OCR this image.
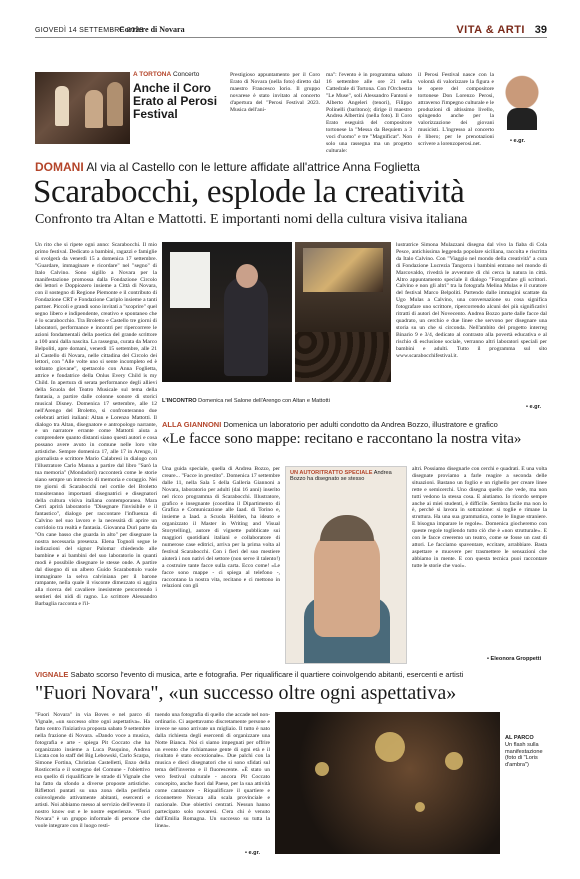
GIOVEDÌ 14 SETTEMBRE 2023
Corriere di Novara	VITA & ARTI 39
A TORTONA Concerto
Anche il Coro Erato al Perosi Festival
Prestigioso appuntamento per il Coro Erato di Novara (nella foto) diretto dal maestro Francesco Iorio. Il gruppo novarese è stato invitato al concerto d'apertura del "Perosi Festival 2023. Musica dell'ani-
ma": l'evento è in programma sabato 16 settembre alle ore 21 nella Cattedrale di Tortona. Con l'Orchestra "Le Muse", soli Alessandro Fantoni e Alberto Angeleri (tenori), Filippo Polinelli (baritono); dirige il maestro Andrea Albertini (nella foto). Il Coro Erato eseguirà del compositore tortonese la "Messa da Requiem a 3 voci d'uomo" e tre "Magnificat". Non solo una rassegna ma un progetto culturale:
il Perosi Festival nasce con la volontà di valorizzare la figura e le opere del compositore tortonese Don Lorenzo Perosi, attraverso l'impegno culturale e le produzioni di altissimo livello, spingendo anche per la valorizzazione dei giovani musicisti. L'ingresso al concerto è libero; per le prenotazioni scrivere a lorenzoperosi.net.
• e.gr.
DOMANI Al via al Castello con le letture affidate all'attrice Anna Foglietta
Scarabocchi, esplode la creatività
Confronto tra Altan e Mattotti. E importanti nomi della cultura visiva italiana
Un rito che si ripete ogni anno: Scarabocchi. Il mio primo festival. Dedicato a bambini, ragazzi e famiglie si svolgerà da venerdì 15 a domenica 17 settembre. "Guardare, immaginare e ricordare" nel "segno" di Italo Calvino. Sono sigillo a Novara per la manifestazione promossa dalla Fondazione Circolo dei lettori e Doppiozero insieme a Città di Novara, con il sostegno di Regione Piemonte e il contributo di Fondazione CRT e Fondazione Cariplo insieme a tanti partner. Piccoli e grandi sono invitati a "scoprire" quel segno libero e indipendente, creativo e spontaneo che è lo scarabocchio. Tra Broletto e Castello tre giorni di laboratori, performance e incontri per ripercorrere le azioni fondamentali della poetica del grande scrittore a 100 anni dalla nascita. La rassegna, curata da Marco Belpoliti, apre domani, venerdì 15 settembre, alle 21 al Castello di Novara, nelle cittadina del Circolo dei lettori, con "Alle volte uno si sente incompleto ed è soltanto giovane", spettacolo con Anna Foglietta, attrice e fondatrice della Onlus Every Child is my Child. In apertura di serata performance degli allievi della Scuola del Teatro Musicale sul tema della fantasia, a partire dalle colonne sonore di storici musical Disney. Domenica 17 settembre, alle 12 nell'Arengo del Broletto, si confronteranno due celebrati artisti italiani: Altan e Lorenzo Mattotti. Il dialogo tra Altan, disegnatore e antropologo narrante, e un narratore errante come Mattotti aiuta a comprendere quanto distanti siano questi autori e cosa possano avere avuto in comune nelle loro vite artistiche. Sempre domenica 17, alle 17 in Arengo, il giornalista e scrittore Mario Calabresi in dialogo con l'illustratore Carlo Manna a partire dal libro "Sarò la tua memoria" (Mondadori) racconterà come le storie siano sempre un intreccio di memoria e coraggio. Nei tre giorni di Scarabocchi nel cortile del Broletto transiteranno importanti disegnatrici e disegnatori della cultura visiva italiana contemporanea. Mara Cerri aprirà laboratorio "Disegnare l'invisibile e il fantastico", dialogo per raccontare l'influenza di Calvino nel suo lavoro e la necessità di aprire un corridoio tra realtà e fantasia. Giovanna Durì parte da "On cane basso che guarda in alto" per disegnare la nostra necessaria presenza. Elena Tognoli segue le indicazioni del signor Palomar chiedendo alle bambine e ai bambini del suo laboratorio in quanti modi è possibile disegnare le stesse onde. A partire dal disegno di un albero Guido Scarabottolo vuole immaginare la selva calviniana per il barone rampante, nella quale il visconte dimezzato si aggira alla ricerca del cavaliere inesistente percorrendo i sentieri dei nidi di ragno. Lo scrittore Alessandro Barbaglia racconta e l'il-
L'INCONTRO Domenica nel Salone dell'Arengo con Altan e Mattotti
lustratrice Simona Mulazzani disegna dal vivo la fiaba di Cola Pesce, antichissima leggenda popolare siciliana, raccolta e riscritta da Italo Calvino. Con "Viaggio nel mondo della creatività" a cura di Fondazione Lucrezia Tangorra i bambini entrano nel mondo di Marcovaldo, rivedrà le avventure di chi cerca la natura in città. Altro appuntamento speciale il dialogo "Fotografare gli scrittori. Calvino e non gli altri" tra la fotografa Melina Mulas e il curatore del festival Marco Belpoliti. Partendo dalle immagini scattate da Ugo Mulas a Calvino, una conversazione su cosa significa fotografare uno scrittore, ripercorrendo alcuni dei più significativi ritratti di autori del Novecento. Andrea Bozzo parte dalle facce dal quadrato, un cerchio e due linee che servono per disegnare una storia su un che si circonda. Nell'ambito del progetto interreg Binario 9 e 3/4, dedicato al contrasto alla povertà educativa e al rischio di esclusione sociale, verranno altri laboratori speciali per bambini e adulti. Tutto il programma sul sito www.scarabocchifestival.it.
• e.gr.
ALLA GIANNONI Domenica un laboratorio per adulti condotto da Andrea Bozzo, illustratore e grafico
«Le facce sono mappe: recitano e raccontano la nostra vita»
Una guida speciale, quella di Andrea Bozzo, per creare... "Facce in prestito". Domenica 17 settembre dalle 11, nella Sala 5 della Galleria Giannoni a Novara, laboratorio per adulti (dai 16 anni) inserito nel ricco programma di Scarabocchi. Illustratore, grafico e insegnante (coordina il Dipartimento di Grafica e Comunicazione alle Iaad. di Torino e, insieme a Iaad. a Scuola Holden, ha ideato e organizzato il Master in Writing and Visual Storytelling), autore di vignette pubblicate sui maggiori quotidiani italiani e collaboratore di numerose case editrici, arriva per la prima volta al festival Scarabocchi. Con i fieri del suo mestiere aiuterà i non nativi del settore (non serve il talento!) a costruire tante facce sulla carta. Ecco come! «Le facce sono mappe - ci spiega al telefono -, raccontano la nostra vita, recitano e ci mettono in relazioni con gli
UN AUTORITRATTO SPECIALE Andrea Bozzo ha disegnato se stesso
altri. Possiamo disegnarle con cerchi e quadrati. E una volta disegnate proviamo a farle reagire a seconda delle situazioni. Bastano un foglio e un righello per creare linee rette e semicerchi. Uno disegna quello che vede, ma non tutti vedono la stessa cosa. E aiutiamo. Io ricordo sempre anche ai miei studenti, è difficile. Sembra facile ma non lo è, perché si lavora in sottrazione: si toglie e rimane la struttura. Ha una sua grammatica, come le lingue straniere. E bisogna imparare le regole». Domenica giocheremo con queste regole togliendo tutto ciò che è «non strutturale». E con le facce creeremo un teatro, come se fosse un cast di attori. Le facciamo spaventare, eccitare, arrabbiare. Basta aspettare e muovere per trasmettere le sensazioni che abbiamo in mente. E con questa tecnica puoi raccontare tutte le storie che vuoi».
• Eleonora Groppetti
VIGNALE Sabato scorso l'evento di musica, arte e fotografia. Per riqualificare il quartiere coinvolgendo abitanti, esercenti e artisti
"Fuori Novara", «un successo oltre ogni aspettativa»
"Fuori Novara" in via Boves e nel parco di Vignale, «un successo oltre ogni aspettativa». Ha fatto centro l'iniziativa proposta sabato 9 settembre nella frazione di Novara. «Dando voce a musica, fotografia e arte - spiega Pit Coccato che ha organizzato insieme a Luca Pasquino, Andrea Licata con lo staff del Big Lebowski, Carlo Scarpa, Simone Fortina, Christian Castelletti, Enzo della Rosticceria e il sostegno del Comune - l'obiettivo era quello di riqualificare le strade di Vignale che ha fatto da sfondo a diverse proposte artistiche. Riflettori puntati su una zona della periferia coinvolgendo attivamente abitanti, esercenti e artisti. Noi abbiamo messo al servizio dell'evento il nostro know out e le nostre esperienze. "Fuori Novara" è un gruppo informale di persone che vuole integrare con il luogo resti-
tuendo una fotografia di quello che accade nel non-ordinario. Ci aspettavamo discretamente persone e invece ne sono arrivate un migliaio. Il tutto è nato dalla richiesta degli esercenti di organizzare una Notte Bianca. Noi ci siamo impegnati per offrire un evento che richiamasse gente di ogni età e il risultato è stato eccezionale». Due palchi con la musica e dieci disegnatori che si sono sfidati sul tema dell'inverno e il fluorescente. «È stato un vero festival culturale - ancora Pit Coccato concepito, anche fuori dal Paese, per la sua attività come cantautore - Riqualificare il quartiere e riconnettere Novara alla scala provinciale e nazionale. Due obiettivi centrati. Nessun hanno partecipato solo novaresi. C'era chi è venuto dall'Emilia Romagna. Un successo su tutta la linea».
• e.gr.
AL PARCO
Un flash sulla manifestazione (foto di "Loris d'ambra")
